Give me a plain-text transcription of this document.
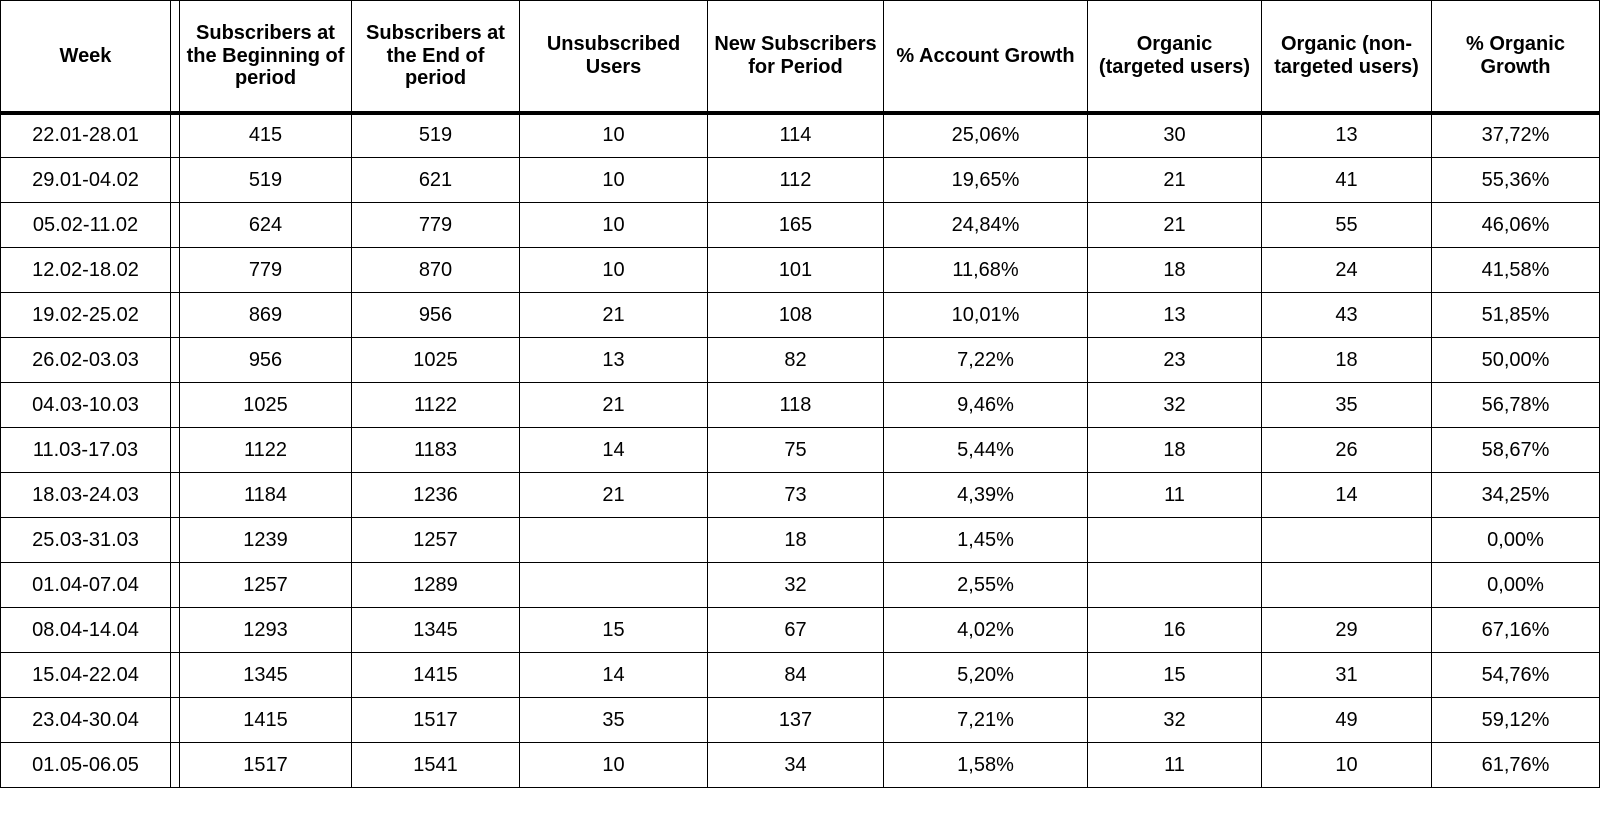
Week		Subscribers at the Beginning of period	Subscribers at the End of period	Unsubscribed Users	New Subscribers for Period	% Account Growth	Organic (targeted users)	Organic (non-targeted users)	% Organic Growth
22.01-28.01		415	519	10	114	25,06%	30	13	37,72%
29.01-04.02		519	621	10	112	19,65%	21	41	55,36%
05.02-11.02		624	779	10	165	24,84%	21	55	46,06%
12.02-18.02		779	870	10	101	11,68%	18	24	41,58%
19.02-25.02		869	956	21	108	10,01%	13	43	51,85%
26.02-03.03		956	1025	13	82	7,22%	23	18	50,00%
04.03-10.03		1025	1122	21	118	9,46%	32	35	56,78%
11.03-17.03		1122	1183	14	75	5,44%	18	26	58,67%
18.03-24.03		1184	1236	21	73	4,39%	11	14	34,25%
25.03-31.03		1239	1257		18	1,45%			0,00%
01.04-07.04		1257	1289		32	2,55%			0,00%
08.04-14.04		1293	1345	15	67	4,02%	16	29	67,16%
15.04-22.04		1345	1415	14	84	5,20%	15	31	54,76%
23.04-30.04		1415	1517	35	137	7,21%	32	49	59,12%
01.05-06.05		1517	1541	10	34	1,58%	11	10	61,76%
